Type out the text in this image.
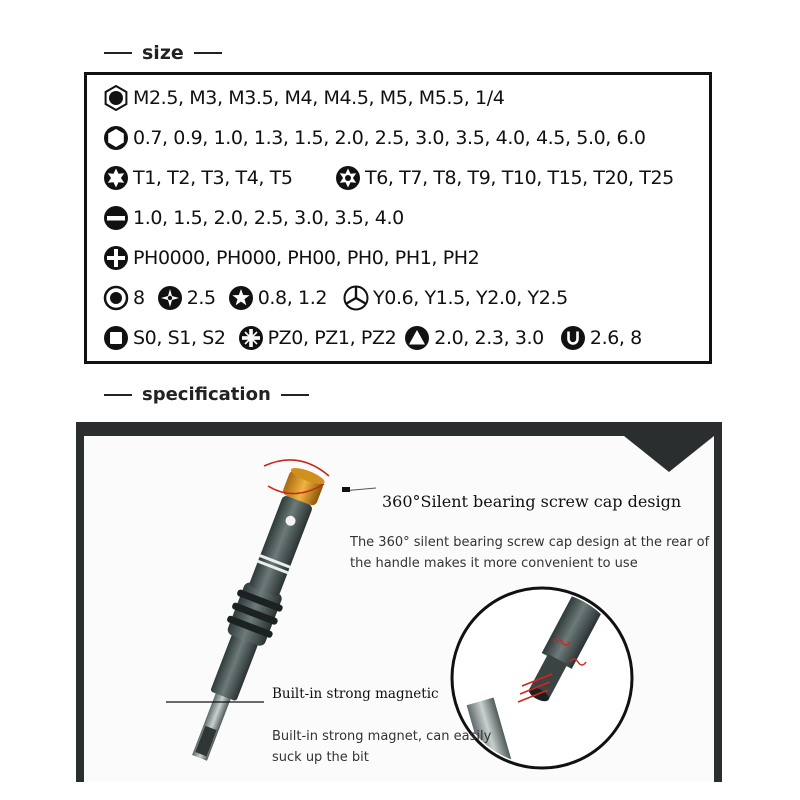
size
M2.5, M3, M3.5, M4, M4.5, M5, M5.5, 1/4
0.7, 0.9, 1.0, 1.3, 1.5, 2.0, 2.5, 3.0, 3.5, 4.0, 4.5, 5.0, 6.0
T1, T2, T3, T4, T5	T6, T7, T8, T9, T10, T15, T20, T25
1.0, 1.5, 2.0, 2.5, 3.0, 3.5, 4.0
PH0000, PH000, PH00, PH0, PH1, PH2
8 2.5 0.8, 1.2 Y0.6, Y1.5, Y2.0, Y2.5
S0, S1, S2 PZ0, PZ1, PZ2 2.0, 2.3, 3.0 2.6, 8
specification
360°Silent bearing screw cap design
The 360° silent bearing screw cap design at the rear of the handle makes it more convenient to use
Built-in strong magnetic
Built-in strong magnet, can easily suck up the bit
